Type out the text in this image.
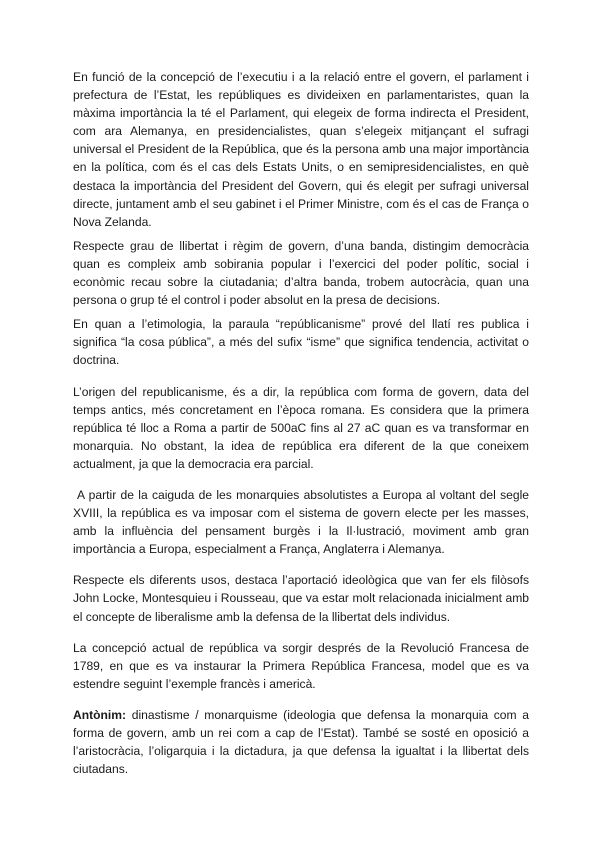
En funció de la concepció de l’executiu i a la relació entre el govern, el parlament i prefectura de l’Estat, les repúbliques es divideixen en parlamentaristes, quan la màxima importància la té el Parlament, qui elegeix de forma indirecta el President, com ara Alemanya, en presidencialistes, quan s’elegeix mitjançant el sufragi universal el President de la República, que és la persona amb una major importància en la política, com és el cas dels Estats Units, o en semipresidencialistes, en què destaca la importància del President del Govern, qui és elegit per sufragi universal directe, juntament amb el seu gabinet i el Primer Ministre, com és el cas de França o Nova Zelanda.

Respecte grau de llibertat i règim de govern, d’una banda, distingim democràcia quan es compleix amb sobirania popular i l’exercici del poder polític, social i econòmic recau sobre la ciutadania; d’altra banda, trobem autocràcia, quan una persona o grup té el control i poder absolut en la presa de decisions.

En quan a l’etimologia, la paraula “repúblicanisme” prové del llatí res publica i significa “la cosa pública”, a més del sufix “isme” que significa tendencia, activitat o doctrina.

L’origen del republicanisme, és a dir, la república com forma de govern, data del temps antics, més concretament en l’època romana. Es considera que la primera república té lloc a Roma a partir de 500aC fins al 27 aC quan es va transformar en monarquia. No obstant, la idea de república era diferent de la que coneixem actualment, ja que la democracia era parcial.

A partir de la caiguda de les monarquies absolutistes a Europa al voltant del segle XVIII, la república es va imposar com el sistema de govern electe per les masses, amb la influència del pensament burgès i la Il·lustració, moviment amb gran importància a Europa, especialment a França, Anglaterra i Alemanya.

Respecte els diferents usos, destaca l’aportació ideològica que van fer els filòsofs John Locke, Montesquieu i Rousseau, que va estar molt relacionada inicialment amb el concepte de liberalisme amb la defensa de la llibertat dels individus.

La concepció actual de república va sorgir després de la Revolució Francesa de 1789, en que es va instaurar la Primera República Francesa, model que es va estendre seguint l’exemple francès i americà.

Antònim: dinastisme / monarquisme (ideologia que defensa la monarquia com a forma de govern, amb un rei com a cap de l’Estat). També se sosté en oposició a l’aristocràcia, l’oligarquia i la dictadura, ja que defensa la igualtat i la llibertat dels ciutadans.
